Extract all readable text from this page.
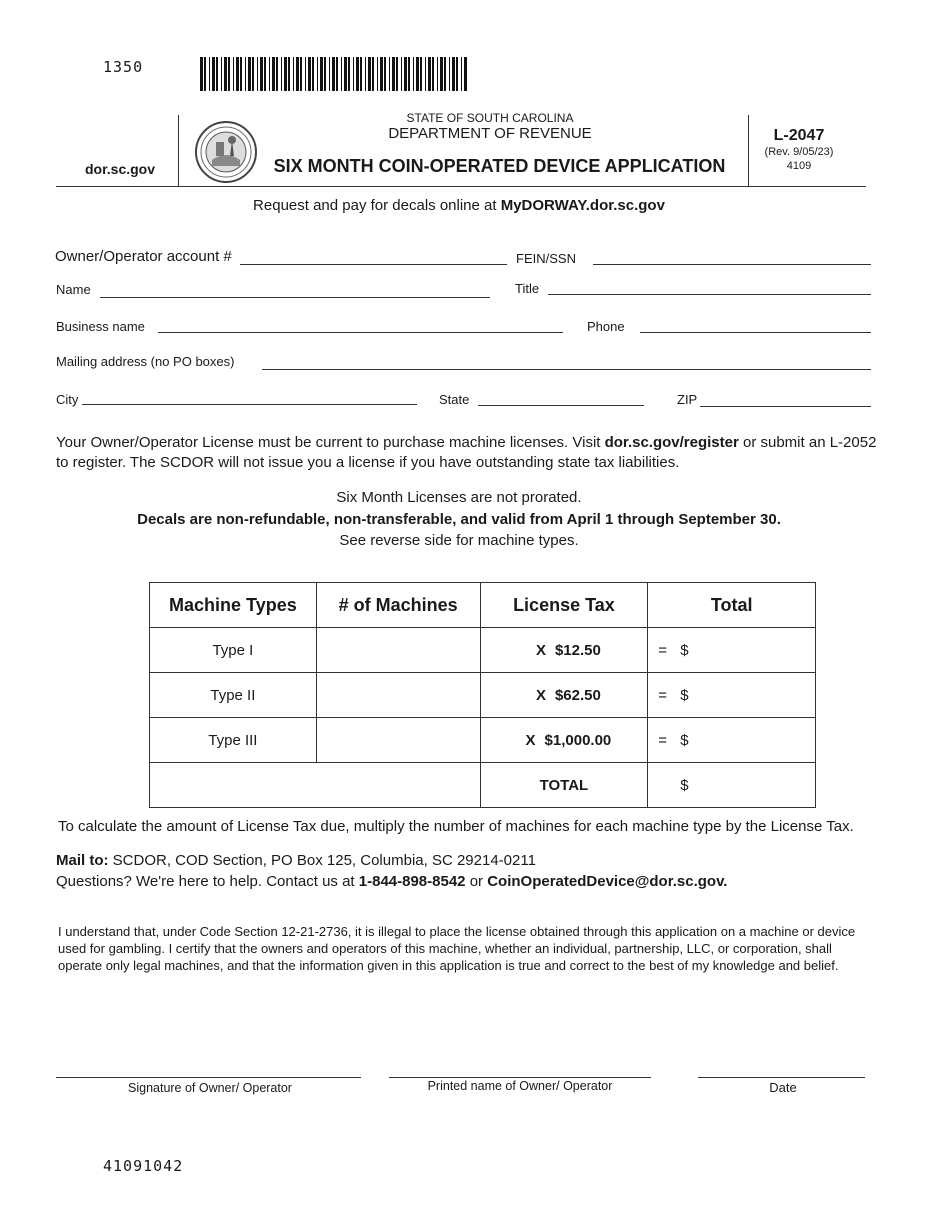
1350
dor.sc.gov
STATE OF SOUTH CAROLINA
DEPARTMENT OF REVENUE
SIX MONTH COIN-OPERATED DEVICE APPLICATION
L-2047
(Rev. 9/05/23)
4109
Request and pay for decals online at MyDORWAY.dor.sc.gov
Owner/Operator account #	FEIN/SSN
Name	Title
Business name	Phone
Mailing address (no PO boxes)
City	State	ZIP
Your Owner/Operator License must be current to purchase machine licenses. Visit dor.sc.gov/register or submit an L-2052 to register. The SCDOR will not issue you a license if you have outstanding state tax liabilities.
Six Month Licenses are not prorated.
Decals are non-refundable, non-transferable, and valid from April 1 through September 30.
See reverse side for machine types.
Machine Types	# of Machines	License Tax	Total
Type I		X $12.50	= $
Type II		X $62.50	= $
Type III		X $1,000.00	= $
		TOTAL	$
To calculate the amount of License Tax due, multiply the number of machines for each machine type by the License Tax.
Mail to: SCDOR, COD Section, PO Box 125, Columbia, SC 29214-0211
Questions? We're here to help. Contact us at 1-844-898-8542 or CoinOperatedDevice@dor.sc.gov.
I understand that, under Code Section 12-21-2736, it is illegal to place the license obtained through this application on a machine or device used for gambling. I certify that the owners and operators of this machine, whether an individual, partnership, LLC, or corporation, shall operate only legal machines, and that the information given in this application is true and correct to the best of my knowledge and belief.
Signature of Owner/ Operator	Printed name of Owner/ Operator	Date
41091042
